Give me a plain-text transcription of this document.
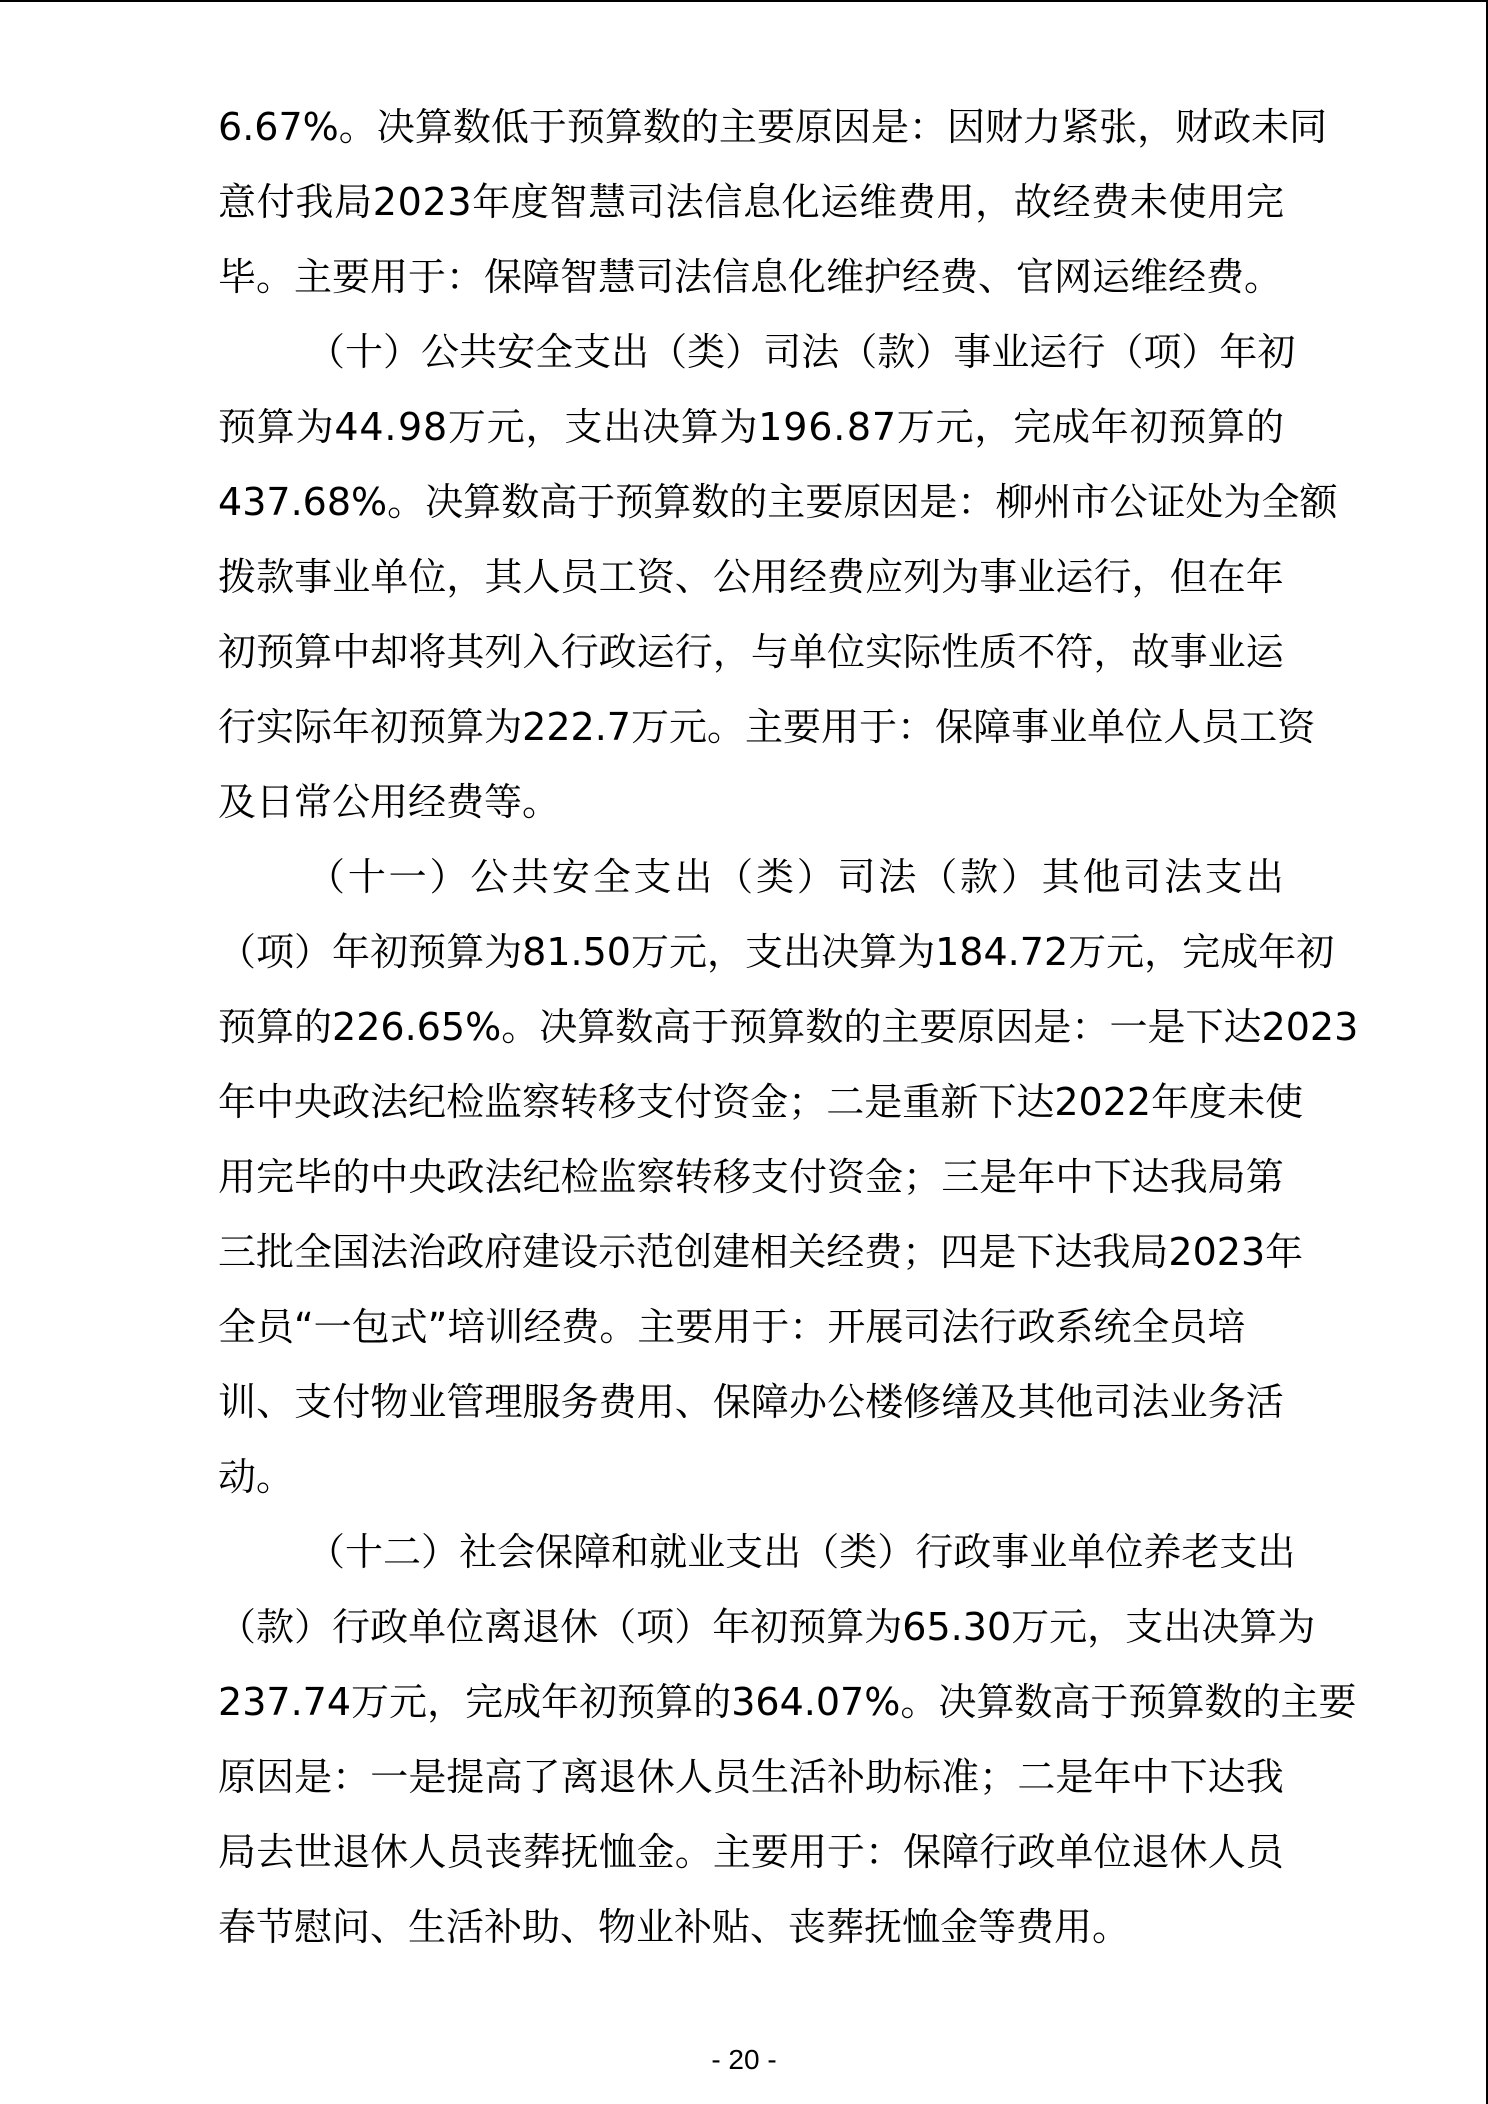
6 . 6 7 % 。 决 算 数 低 于 预 算 数 的 主 要 原 因 是 ： 因 财 力 紧 张 ， 财 政 未 同
意 付 我 局 2 0 2 3 年 度 智 慧 司 法 信 息 化 运 维 费 用 ， 故 经 费 未 使 用 完
毕。主要用于：保障智慧司法信息化维护经费、官网运维经费。
（ 十 ） 公 共 安 全 支 出 （ 类 ） 司 法 （ 款 ） 事 业 运 行 （ 项 ） 年 初
预 算 为 4 4 . 9 8 万 元 ， 支 出 决 算 为 1 9 6 . 8 7 万 元 ， 完 成 年 初 预 算 的
4 3 7 . 6 8 % 。 决 算 数 高 于 预 算 数 的 主 要 原 因 是 ： 柳 州 市 公 证 处 为 全 额
拨 款 事 业 单 位 ， 其 人 员 工 资 、 公 用 经 费 应 列 为 事 业 运 行 ， 但 在 年
初 预 算 中 却 将 其 列 入 行 政 运 行 ， 与 单 位 实 际 性 质 不 符 ， 故 事 业 运
行 实 际 年 初 预 算 为 2 2 2 . 7 万 元 。 主 要 用 于 ： 保 障 事 业 单 位 人 员 工 资
及日常公用经费等。
（ 十 一 ） 公 共 安 全 支 出 （ 类 ） 司 法 （ 款 ） 其 他 司 法 支 出
（ 项 ） 年 初 预 算 为 8 1 . 5 0 万 元 ， 支 出 决 算 为 1 8 4 . 7 2 万 元 ， 完 成 年 初
预 算 的 2 2 6 . 6 5 % 。 决 算 数 高 于 预 算 数 的 主 要 原 因 是 ： 一 是 下 达 2 0 2 3
年 中 央 政 法 纪 检 监 察 转 移 支 付 资 金 ； 二 是 重 新 下 达 2 0 2 2 年 度 未 使
用 完 毕 的 中 央 政 法 纪 检 监 察 转 移 支 付 资 金 ； 三 是 年 中 下 达 我 局 第
三 批 全 国 法 治 政 府 建 设 示 范 创 建 相 关 经 费 ； 四 是 下 达 我 局 2 0 2 3 年
全员“一包式”培训经费。主要用于：开展司法行政系统全员培
训 、 支 付 物 业 管 理 服 务 费 用 、 保 障 办 公 楼 修 缮 及 其 他 司 法 业 务 活
动。
（ 十 二 ） 社 会 保 障 和 就 业 支 出 （ 类 ） 行 政 事 业 单 位 养 老 支 出
（ 款 ） 行 政 单 位 离 退 休 （ 项 ） 年 初 预 算 为 6 5 . 3 0 万 元 ， 支 出 决 算 为
2 3 7 . 7 4 万 元 ， 完 成 年 初 预 算 的 3 6 4 . 0 7 % 。 决 算 数 高 于 预 算 数 的 主 要
原 因 是 ： 一 是 提 高 了 离 退 休 人 员 生 活 补 助 标 准 ； 二 是 年 中 下 达 我
局 去 世 退 休 人 员 丧 葬 抚 恤 金 。 主 要 用 于 ： 保 障 行 政 单 位 退 休 人 员
春节慰问、生活补助、物业补贴、丧葬抚恤金等费用。
- 20 -
